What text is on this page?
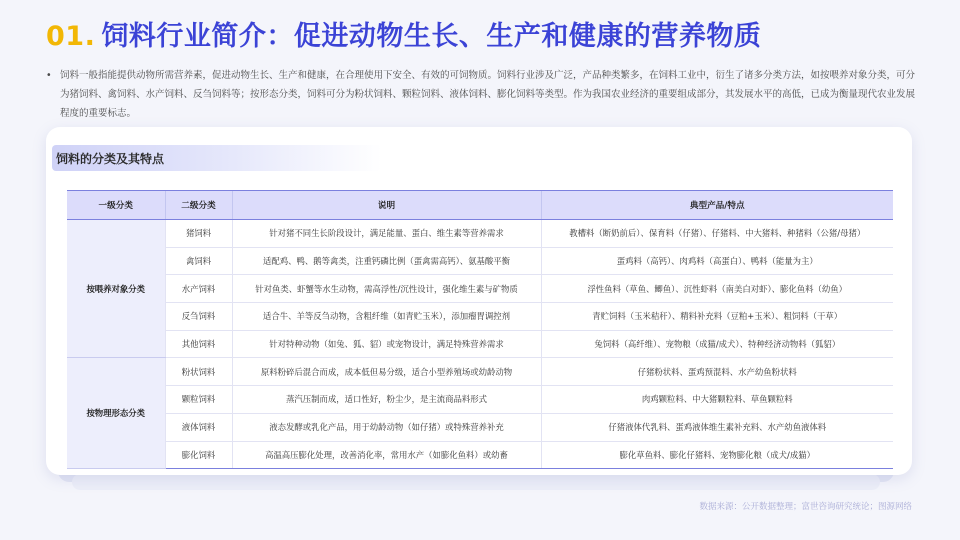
01. 饲料行业简介：促进动物生长、生产和健康的营养物质
• 饲料一般指能提供动物所需营养素，促进动物生长、生产和健康，在合理使用下安全、有效的可饲物质。饲料行业涉及广泛，产品种类繁多，在饲料工业中，衍生了诸多分类方法，如按喂养对象分类，可分为猪饲料、禽饲料、水产饲料、反刍饲料等；按形态分类，饲料可分为粉状饲料、颗粒饲料、液体饲料、膨化饲料等类型。作为我国农业经济的重要组成部分，其发展水平的高低，已成为衡量现代农业发展程度的重要标志。
饲料的分类及其特点
一级分类	二级分类	说明	典型产品/特点
按喂养对象分类	猪饲料	针对猪不同生长阶段设计，满足能量、蛋白、维生素等营养需求	教槽料（断奶前后）、保育料（仔猪）、仔猪料、中大猪料、种猪料（公猪/母猪）
	禽饲料	适配鸡、鸭、鹅等禽类，注重钙磷比例（蛋禽需高钙）、氨基酸平衡	蛋鸡料（高钙）、肉鸡料（高蛋白）、鸭料（能量为主）
	水产饲料	针对鱼类、虾蟹等水生动物，需高浮性/沉性设计，强化维生素与矿物质	浮性鱼料（草鱼、鲫鱼）、沉性虾料（南美白对虾）、膨化鱼料（幼鱼）
	反刍饲料	适合牛、羊等反刍动物，含粗纤维（如青贮玉米），添加瘤胃调控剂	青贮饲料（玉米秸秆）、精料补充料（豆粕+玉米）、粗饲料（干草）
	其他饲料	针对特种动物（如兔、狐、貂）或宠物设计，满足特殊营养需求	兔饲料（高纤维）、宠物粮（成猫/成犬）、特种经济动物料（狐貂）
按物理形态分类	粉状饲料	原料粉碎后混合而成，成本低但易分级，适合小型养殖场或幼龄动物	仔猪粉状料、蛋鸡预混料、水产幼鱼粉状料
	颗粒饲料	蒸汽压制而成，适口性好，粉尘少，是主流商品料形式	肉鸡颗粒料、中大猪颗粒料、草鱼颗粒料
	液体饲料	液态发酵或乳化产品，用于幼龄动物（如仔猪）或特殊营养补充	仔猪液体代乳料、蛋鸡液体维生素补充料、水产幼鱼液体料
	膨化饲料	高温高压膨化处理，改善消化率，常用水产（如膨化鱼料）或幼畜	膨化草鱼料、膨化仔猪料、宠物膨化粮（成犬/成猫）
数据来源：公开数据整理；富世咨询研究统论；图源网络
